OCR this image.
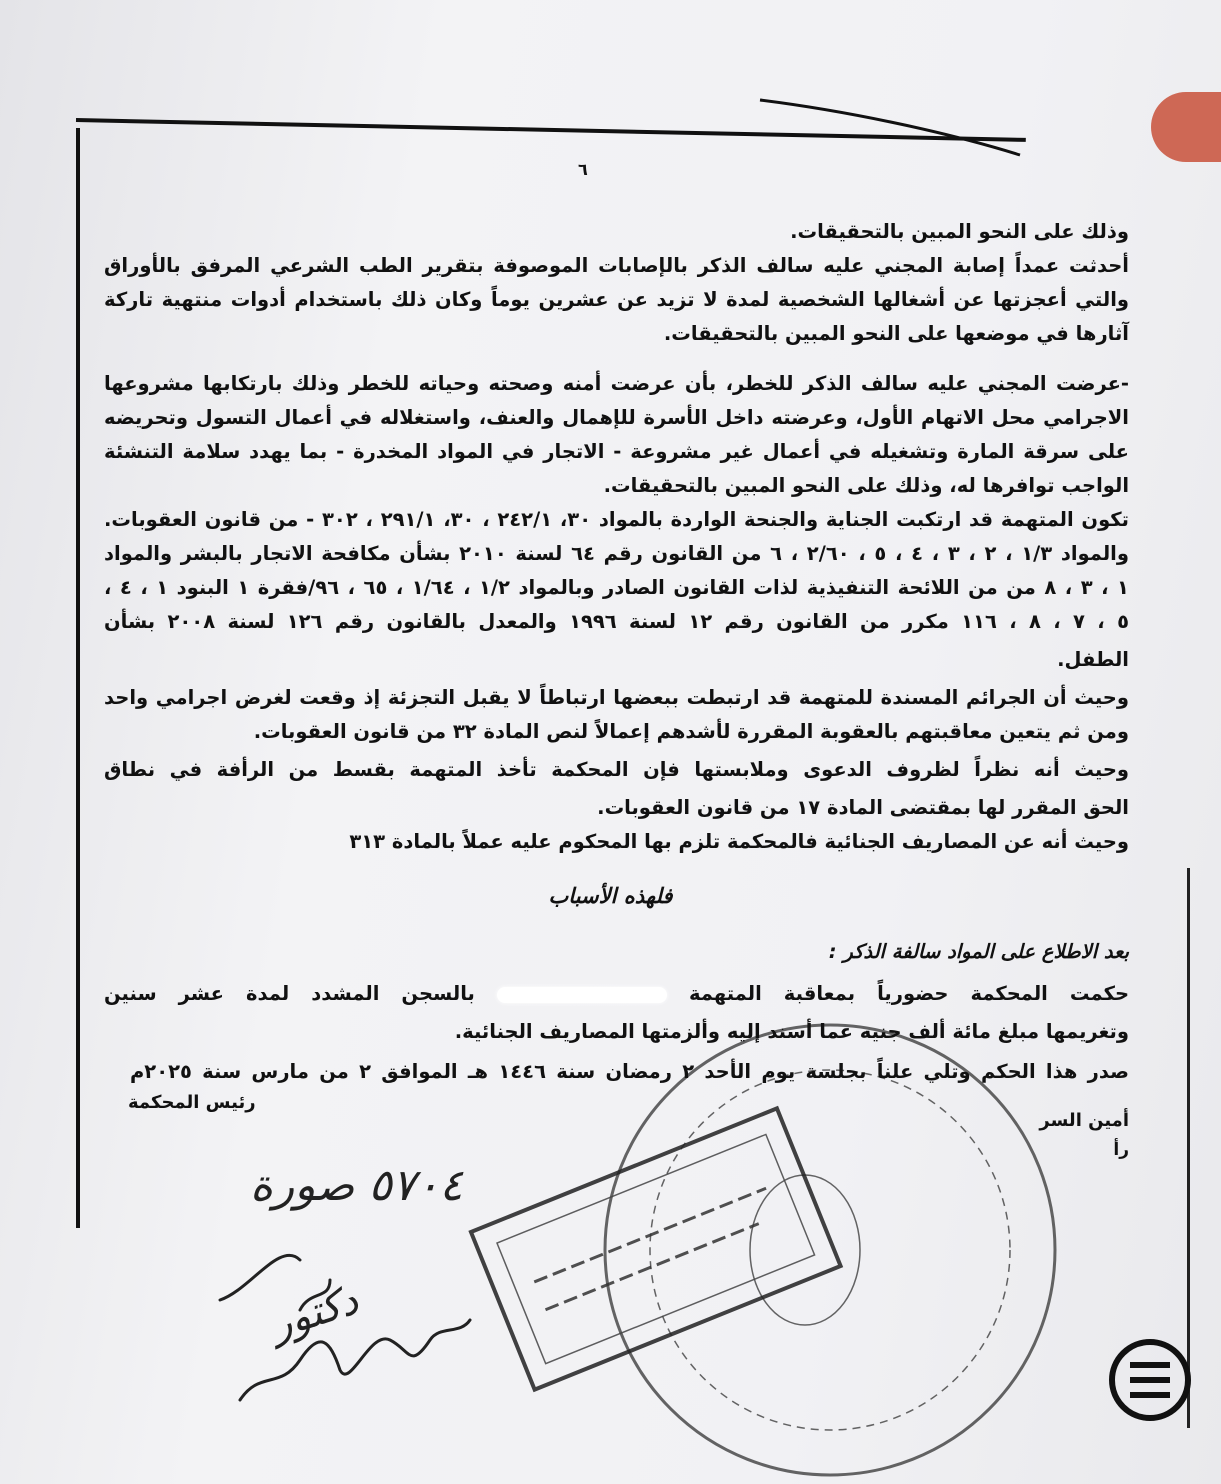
٦
وذلك على النحو المبين بالتحقيقات.
أحدثت عمداً إصابة المجني عليه سالف الذكر بالإصابات الموصوفة بتقرير الطب الشرعي المرفق بالأوراق
والتي أعجزتها عن أشغالها الشخصية لمدة لا تزيد عن عشرين يوماً وكان ذلك باستخدام أدوات منتهية تاركة
آثارها في موضعها على النحو المبين بالتحقيقات.
-عرضت المجني عليه سالف الذكر للخطر، بأن عرضت أمنه وصحته وحياته للخطر وذلك بارتكابها مشروعها
الاجرامي محل الاتهام الأول، وعرضته داخل الأسرة للإهمال والعنف، واستغلاله في أعمال التسول وتحريضه
على سرقة المارة وتشغيله في أعمال غير مشروعة - الاتجار في المواد المخدرة - بما يهدد سلامة التنشئة
الواجب توافرها له، وذلك على النحو المبين بالتحقيقات.
تكون المتهمة قد ارتكبت الجناية والجنحة الواردة بالمواد ٣٠، ٢٤٢/١ ، ٣٠، ٢٩١/١ ، ٣٠٢ - من قانون العقوبات.
والمواد ١/٣ ، ٢ ، ٣ ، ٤ ، ٥ ، ٢/٦٠ ، ٦ من القانون رقم ٦٤ لسنة ٢٠١٠ بشأن مكافحة الاتجار بالبشر والمواد
١ ، ٣ ، ٨ من من اللائحة التنفيذية لذات القانون الصادر وبالمواد ١/٢ ، ١/٦٤ ، ٦٥ ، ٩٦/فقرة ١ البنود ١ ، ٤ ،
٥ ، ٧ ، ٨ ، ١١٦ مكرر من القانون رقم ١٢ لسنة ١٩٩٦ والمعدل بالقانون رقم ١٢٦ لسنة ٢٠٠٨ بشأن
الطفل.
وحيث أن الجرائم المسندة للمتهمة قد ارتبطت ببعضها ارتباطاً لا يقبل التجزئة إذ وقعت لغرض اجرامي واحد
ومن ثم يتعين معاقبتهم بالعقوبة المقررة لأشدهم إعمالاً لنص المادة ٣٢ من قانون العقوبات.
وحيث أنه نظراً لظروف الدعوى وملابستها فإن المحكمة تأخذ المتهمة بقسط من الرأفة في نطاق
الحق المقرر لها بمقتضى المادة ١٧ من قانون العقوبات.
وحيث أنه عن المصاريف الجنائية فالمحكمة تلزم بها المحكوم عليه عملاً بالمادة ٣١٣
فلهذه الأسباب
بعد الاطلاع على المواد سالفة الذكر :
حكمت المحكمة حضورياً بمعاقبة المتهمة  بالسجن المشدد لمدة عشر سنين
وتغريمها مبلغ مائة ألف جنيه عما أسند إليه وألزمتها المصاريف الجنائية.
صدر هذا الحكم وتلي علناً بجلسة يوم الأحد ٢ رمضان سنة ١٤٤٦ هـ الموافق ٢ من مارس سنة ٢٠٢٥م
رئيس المحكمة
أمين السر
رأ
٥٧٠٤ صورة
دكتور
